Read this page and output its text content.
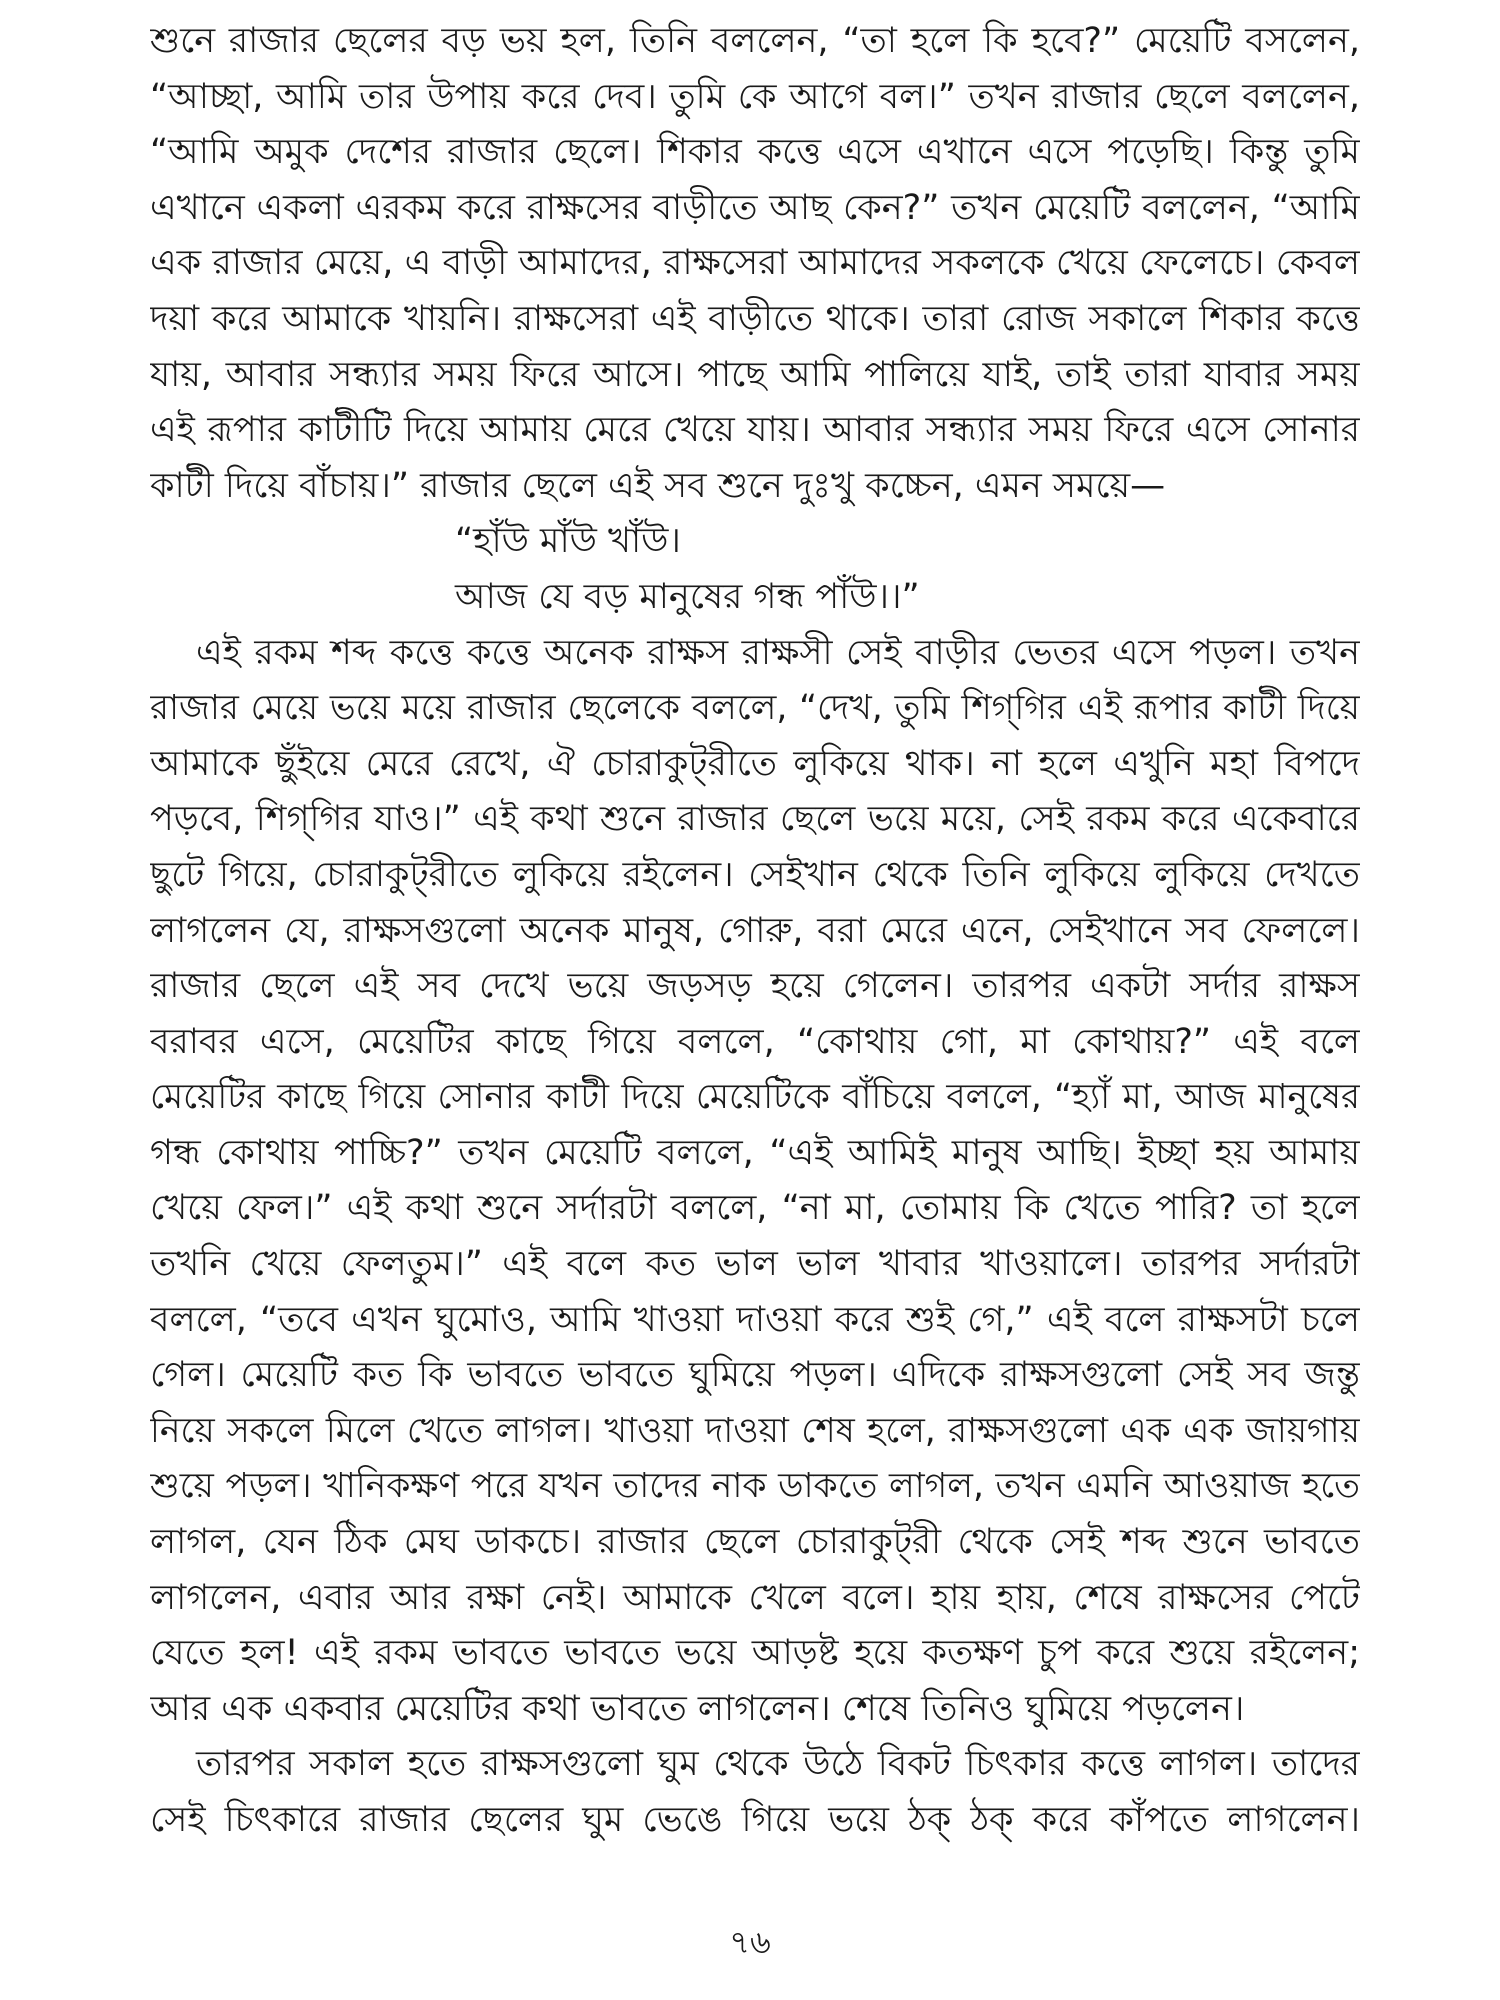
শুনে রাজার ছেলের বড় ভয় হল, তিনি বললেন, “তা হলে কি হবে?” মেয়েটি বসলেন,
“আচ্ছা, আমি তার উপায় করে দেব। তুমি কে আগে বল।” তখন রাজার ছেলে বললেন,
“আমি অমুক দেশের রাজার ছেলে। শিকার কত্তে এসে এখানে এসে পড়েছি। কিন্তু তুমি
এখানে একলা এরকম করে রাক্ষসের বাড়ীতে আছ কেন?” তখন মেয়েটি বললেন, “আমি
এক রাজার মেয়ে, এ বাড়ী আমাদের, রাক্ষসেরা আমাদের সকলকে খেয়ে ফেলেচে। কেবল
দয়া করে আমাকে খায়নি। রাক্ষসেরা এই বাড়ীতে থাকে। তারা রোজ সকালে শিকার কত্তে
যায়, আবার সন্ধ্যার সময় ফিরে আসে। পাছে আমি পালিয়ে যাই, তাই তারা যাবার সময়
এই রূপার কাটীটি দিয়ে আমায় মেরে খেয়ে যায়। আবার সন্ধ্যার সময় ফিরে এসে সোনার
কাটী দিয়ে বাঁচায়।” রাজার ছেলে এই সব শুনে দুঃখু কচ্চেন, এমন সময়ে—
“হাঁউ মাঁউ খাঁউ।
আজ যে বড় মানুষের গন্ধ পাঁউ।।”
এই রকম শব্দ কত্তে কত্তে অনেক রাক্ষস রাক্ষসী সেই বাড়ীর ভেতর এসে পড়ল। তখন
রাজার মেয়ে ভয়ে ময়ে রাজার ছেলেকে বললে, “দেখ, তুমি শিগ্‌গির এই রূপার কাটী দিয়ে
আমাকে ছুঁইয়ে মেরে রেখে, ঐ চোরাকুট্‌রীতে লুকিয়ে থাক। না হলে এখুনি মহা বিপদে
পড়বে, শিগ্‌গির যাও।” এই কথা শুনে রাজার ছেলে ভয়ে ময়ে, সেই রকম করে একেবারে
ছুটে গিয়ে, চোরাকুট্‌রীতে লুকিয়ে রইলেন। সেইখান থেকে তিনি লুকিয়ে লুকিয়ে দেখতে
লাগলেন যে, রাক্ষসগুলো অনেক মানুষ, গোরু, বরা মেরে এনে, সেইখানে সব ফেললে।
রাজার ছেলে এই সব দেখে ভয়ে জড়সড় হয়ে গেলেন। তারপর একটা সর্দার রাক্ষস
বরাবর এসে, মেয়েটির কাছে গিয়ে বললে, “কোথায় গো, মা কোথায়?” এই বলে
মেয়েটির কাছে গিয়ে সোনার কাটী দিয়ে মেয়েটিকে বাঁচিয়ে বললে, “হ্যাঁ মা, আজ মানুষের
গন্ধ কোথায় পাচ্চি?” তখন মেয়েটি বললে, “এই আমিই মানুষ আছি। ইচ্ছা হয় আমায়
খেয়ে ফেল।” এই কথা শুনে সর্দারটা বললে, “না মা, তোমায় কি খেতে পারি? তা হলে
তখনি খেয়ে ফেলতুম।” এই বলে কত ভাল ভাল খাবার খাওয়ালে। তারপর সর্দারটা
বললে, “তবে এখন ঘুমোও, আমি খাওয়া দাওয়া করে শুই গে,” এই বলে রাক্ষসটা চলে
গেল। মেয়েটি কত কি ভাবতে ভাবতে ঘুমিয়ে পড়ল। এদিকে রাক্ষসগুলো সেই সব জন্তু
নিয়ে সকলে মিলে খেতে লাগল। খাওয়া দাওয়া শেষ হলে, রাক্ষসগুলো এক এক জায়গায়
শুয়ে পড়ল। খানিকক্ষণ পরে যখন তাদের নাক ডাকতে লাগল, তখন এমনি আওয়াজ হতে
লাগল, যেন ঠিক মেঘ ডাকচে। রাজার ছেলে চোরাকুট্‌রী থেকে সেই শব্দ শুনে ভাবতে
লাগলেন, এবার আর রক্ষা নেই। আমাকে খেলে বলে। হায় হায়, শেষে রাক্ষসের পেটে
যেতে হল! এই রকম ভাবতে ভাবতে ভয়ে আড়ষ্ট হয়ে কতক্ষণ চুপ করে শুয়ে রইলেন;
আর এক একবার মেয়েটির কথা ভাবতে লাগলেন। শেষে তিনিও ঘুমিয়ে পড়লেন।
তারপর সকাল হতে রাক্ষসগুলো ঘুম থেকে উঠে বিকট চিৎকার কত্তে লাগল। তাদের
সেই চিৎকারে রাজার ছেলের ঘুম ভেঙে গিয়ে ভয়ে ঠক্ ঠক্ করে কাঁপতে লাগলেন।
৭৬
